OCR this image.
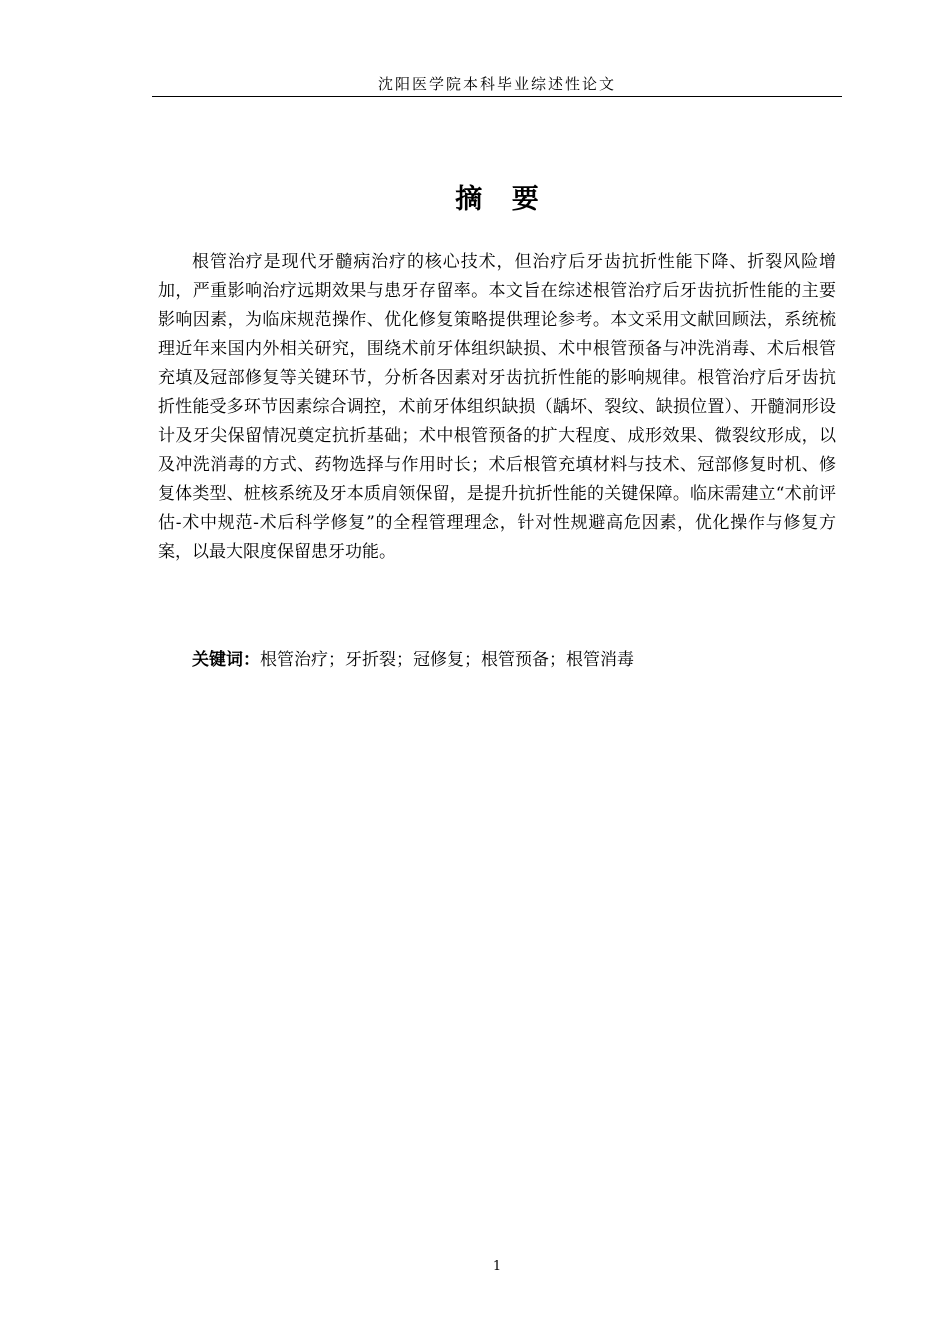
沈阳医学院本科毕业综述性论文
摘 要

根管治疗是现代牙髓病治疗的核心技术，但治疗后牙齿抗折性能下降、折裂风险增加，严重影响治疗远期效果与患牙存留率。本文旨在综述根管治疗后牙齿抗折性能的主要影响因素，为临床规范操作、优化修复策略提供理论参考。本文采用文献回顾法，系统梳理近年来国内外相关研究，围绕术前牙体组织缺损、术中根管预备与冲洗消毒、术后根管充填及冠部修复等关键环节，分析各因素对牙齿抗折性能的影响规律。根管治疗后牙齿抗折性能受多环节因素综合调控，术前牙体组织缺损（龋坏、裂纹、缺损位置）、开髓洞形设计及牙尖保留情况奠定抗折基础；术中根管预备的扩大程度、成形效果、微裂纹形成，以及冲洗消毒的方式、药物选择与作用时长；术后根管充填材料与技术、冠部修复时机、修复体类型、桩核系统及牙本质肩领保留，是提升抗折性能的关键保障。临床需建立“术前评估-术中规范-术后科学修复”的全程管理理念，针对性规避高危因素，优化操作与修复方案，以最大限度保留患牙功能。

关键词：根管治疗；牙折裂；冠修复；根管预备；根管消毒

1
